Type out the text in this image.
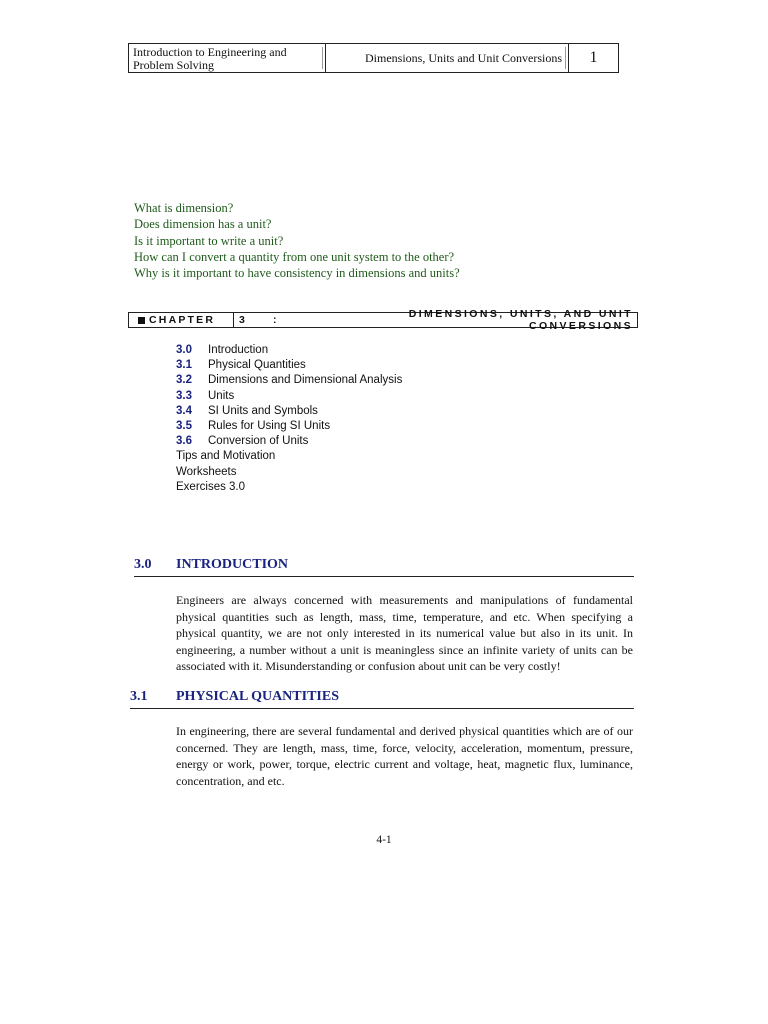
Introduction to Engineering and Problem Solving
Dimensions, Units and Unit Conversions	1
What is dimension?
Does dimension has a unit?
Is it important to write a unit?
How can I convert a quantity from one unit system to the other?
Why is it important to have consistency in dimensions and units?
CHAPTER	3	:	DIMENSIONS, UNITS, AND UNIT CONVERSIONS
3.0	Introduction
3.1	Physical Quantities
3.2	Dimensions and Dimensional Analysis
3.3	Units
3.4	SI Units and Symbols
3.5	Rules for Using SI Units
3.6	Conversion of Units
Tips and Motivation
Worksheets
Exercises 3.0
3.0	INTRODUCTION
Engineers are always concerned with measurements and manipulations of fundamental physical quantities such as length, mass, time, temperature, and etc. When specifying a physical quantity, we are not only interested in its numerical value but also in its unit. In engineering, a number without a unit is meaningless since an infinite variety of units can be associated with it. Misunderstanding or confusion about unit can be very costly!
3.1	PHYSICAL QUANTITIES
In engineering, there are several fundamental and derived physical quantities which are of our concerned. They are length, mass, time, force, velocity, acceleration, momentum, pressure, energy or work, power, torque, electric current and voltage, heat, magnetic flux, luminance, concentration, and etc.
4-1
